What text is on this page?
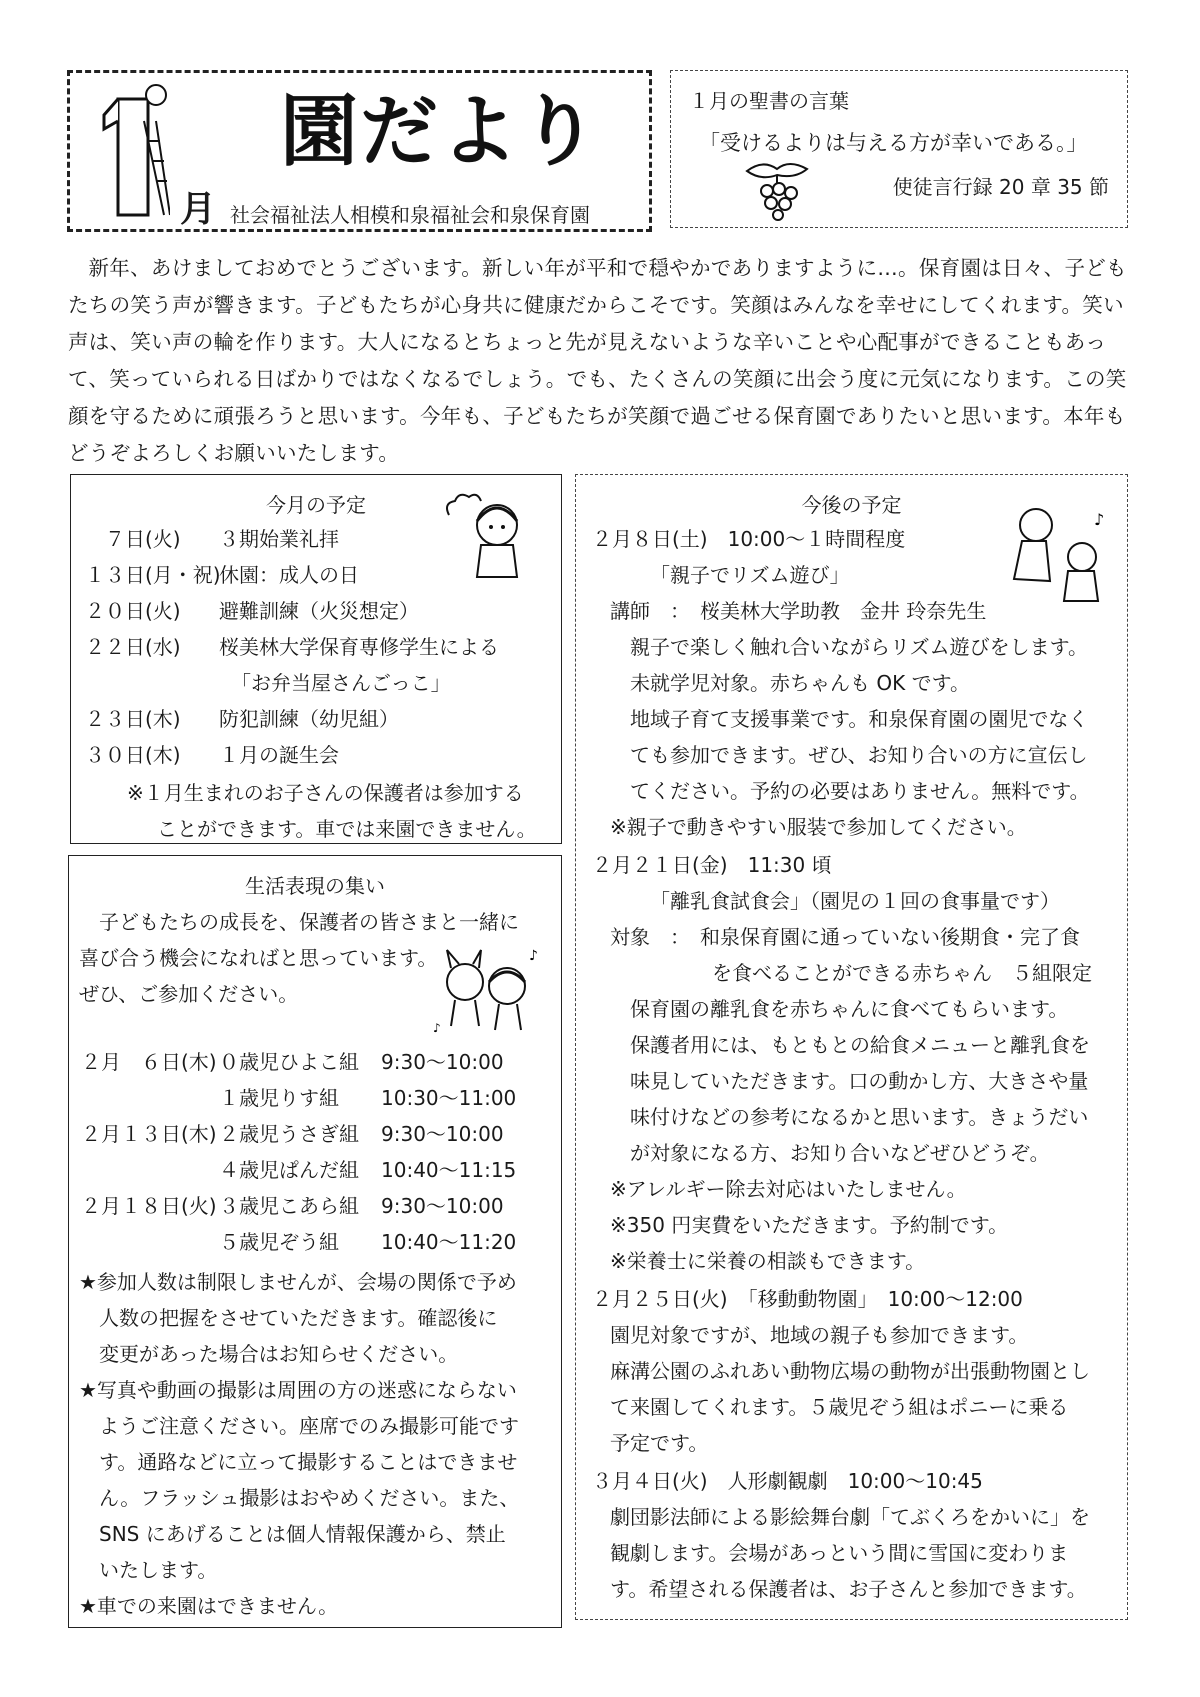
園だより
月 社会福祉法人相模和泉福祉会和泉保育園
１月の聖書の言葉
「受けるよりは与える方が幸いである。」
使徒言行録 20 章 35 節

新年、あけましておめでとうございます。新しい年が平和で穏やかでありますように…。保育園は日々、子どもたちの笑う声が響きます。子どもたちが心身共に健康だからこそです。笑顔はみんなを幸せにしてくれます。笑い声は、笑い声の輪を作ります。大人になるとちょっと先が見えないような辛いことや心配事ができることもあって、笑っていられる日ばかりではなくなるでしょう。でも、たくさんの笑顔に出会う度に元気になります。この笑顔を守るために頑張ろうと思います。今年も、子どもたちが笑顔で過ごせる保育園でありたいと思います。本年もどうぞよろしくお願いいたします。

今月の予定
７日(火) ３期始業礼拝
１３日(月・祝)
休園：成人の日
２０日(火) 避難訓練（火災想定）
２２日(水) 桜美林大学保育専修学生による
「お弁当屋さんごっこ」
２３日(木) 防犯訓練（幼児組）
３０日(木) １月の誕生会
※１月生まれのお子さんの保護者は参加する
ことができます。車では来園できません。
生活表現の集い
子どもたちの成長を、保護者の皆さまと一緒に
喜び合う機会になればと思っています。
ぜひ、ご参加ください。
♪
♪
２月　６日(木) ０歳児ひよこ組 9:30～10:00
１歳児りす組 10:30～11:00
２月１３日(木) ２歳児うさぎ組 9:30～10:00
４歳児ぱんだ組 10:40～11:15
２月１８日(火) ３歳児こあら組 9:30～10:00
５歳児ぞう組 10:40～11:20
★参加人数は制限しませんが、会場の関係で予め
　人数の把握をさせていただきます。確認後に
　変更があった場合はお知らせください。
★写真や動画の撮影は周囲の方の迷惑にならない
　ようご注意ください。座席でのみ撮影可能です
　す。通路などに立って撮影することはできませ
　ん。フラッシュ撮影はおやめください。また、
　SNS にあげることは個人情報保護から、禁止
　いたします。
★車での来園はできません。
今後の予定
♪
２月８日(土)　10:00～１時間程度
「親子でリズム遊び」
講師　：　桜美林大学助教　金井 玲奈先生
親子で楽しく触れ合いながらリズム遊びをします。
未就学児対象。赤ちゃんも OK です。
地域子育て支援事業です。和泉保育園の園児でなく
ても参加できます。ぜひ、お知り合いの方に宣伝し
てください。予約の必要はありません。無料です。
※親子で動きやすい服装で参加してください。
２月２１日(金)　11:30 頃
「離乳食試食会」（園児の１回の食事量です）
対象　：　和泉保育園に通っていない後期食・完了食
を食べることができる赤ちゃん　５組限定
保育園の離乳食を赤ちゃんに食べてもらいます。
保護者用には、もともとの給食メニューと離乳食を
味見していただきます。口の動かし方、大きさや量
味付けなどの参考になるかと思います。きょうだい
が対象になる方、お知り合いなどぜひどうぞ。
※アレルギー除去対応はいたしません。
※350 円実費をいただきます。予約制です。
※栄養士に栄養の相談もできます。
２月２５日(火)　「移動動物園」　10:00～12:00
園児対象ですが、地域の親子も参加できます。
麻溝公園のふれあい動物広場の動物が出張動物園とし
て来園してくれます。５歳児ぞう組はポニーに乗る
予定です。
３月４日(火)　人形劇観劇　10:00～10:45
劇団影法師による影絵舞台劇「てぶくろをかいに」を
観劇します。会場があっという間に雪国に変わりま
す。希望される保護者は、お子さんと参加できます。
